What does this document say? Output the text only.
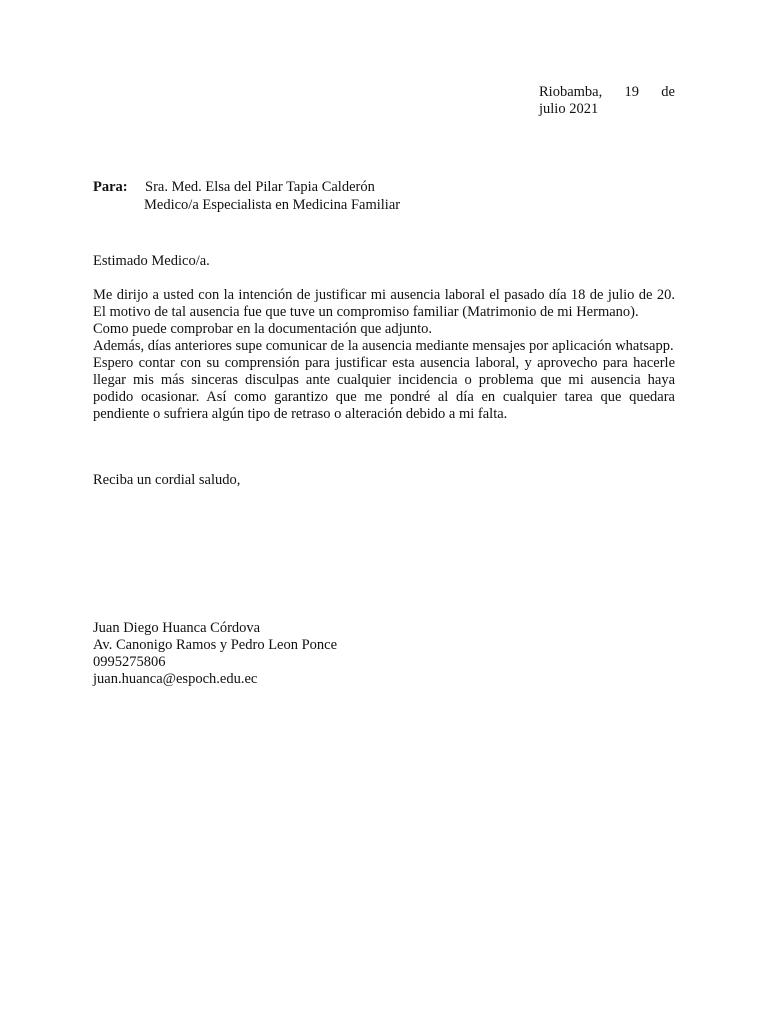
Riobamba, 19 de
julio 2021
Para:	Sra. Med. Elsa del Pilar Tapia Calderón
Medico/a Especialista en Medicina Familiar

Estimado Medico/a.

Me dirijo a usted con la intención de justificar mi ausencia laboral el pasado día 18 de julio de 20. El motivo de tal ausencia fue que tuve un compromiso familiar (Matrimonio de mi Hermano).

Como puede comprobar en la documentación que adjunto.

Además, días anteriores supe comunicar de la ausencia mediante mensajes por aplicación whatsapp.

Espero contar con su comprensión para justificar esta ausencia laboral, y aprovecho para hacerle llegar mis más sinceras disculpas ante cualquier incidencia o problema que mi ausencia haya podido ocasionar. Así como garantizo que me pondré al día en cualquier tarea que quedara pendiente o sufriera algún tipo de retraso o alteración debido a mi falta.

Reciba un cordial saludo,
Juan Diego Huanca Córdova
Av. Canonigo Ramos y Pedro Leon Ponce
0995275806
juan.huanca@espoch.edu.ec
